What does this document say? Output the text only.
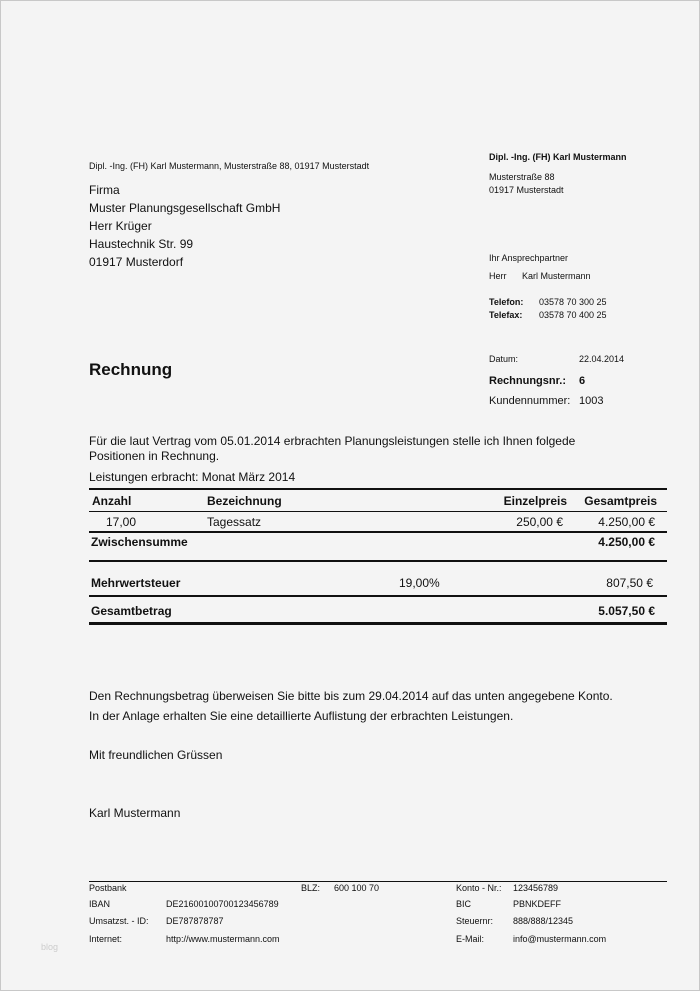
Dipl. -Ing. (FH) Karl Mustermann, Musterstraße 88, 01917 Musterstadt
Firma
Muster Planungsgesellschaft GmbH
Herr Krüger
Haustechnik Str. 99
01917 Musterdorf
Dipl. -Ing. (FH) Karl Mustermann
Musterstraße 88
01917 Musterstadt
Ihr Ansprechpartner
Herr Karl Mustermann
Telefon: 03578 70 300 25
Telefax: 03578 70 400 25
Rechnung
Datum:	22.04.2014
Rechnungsnr.: 6
Kundennummer: 1003
Für die laut Vertrag vom 05.01.2014 erbrachten Planungsleistungen stelle ich Ihnen folgede
Positionen in Rechnung.
Leistungen erbracht: Monat März 2014
Anzahl	Bezeichnung	Einzelpreis Gesamtpreis
17,00	Tagessatz	250,00 €	4.250,00 €
Zwischensumme	4.250,00 €
Mehrwertsteuer	19,00%	807,50 €
Gesamtbetrag	5.057,50 €
Den Rechnungsbetrag überweisen Sie bitte bis zum 29.04.2014 auf das unten angegebene Konto.
In der Anlage erhalten Sie eine detaillierte Auflistung der erbrachten Leistungen.
Mit freundlichen Grüssen
Karl Mustermann
Postbank	BLZ: 600 100 70	Konto - Nr.: 123456789
IBAN	DE21600100700123456789	BIC	PBNKDEFF
Umsatzst. - ID: DE787878787	Steuernr: 888/888/12345
Internet:	http://www.mustermann.com	E-Mail:	info@mustermann.com
blog
